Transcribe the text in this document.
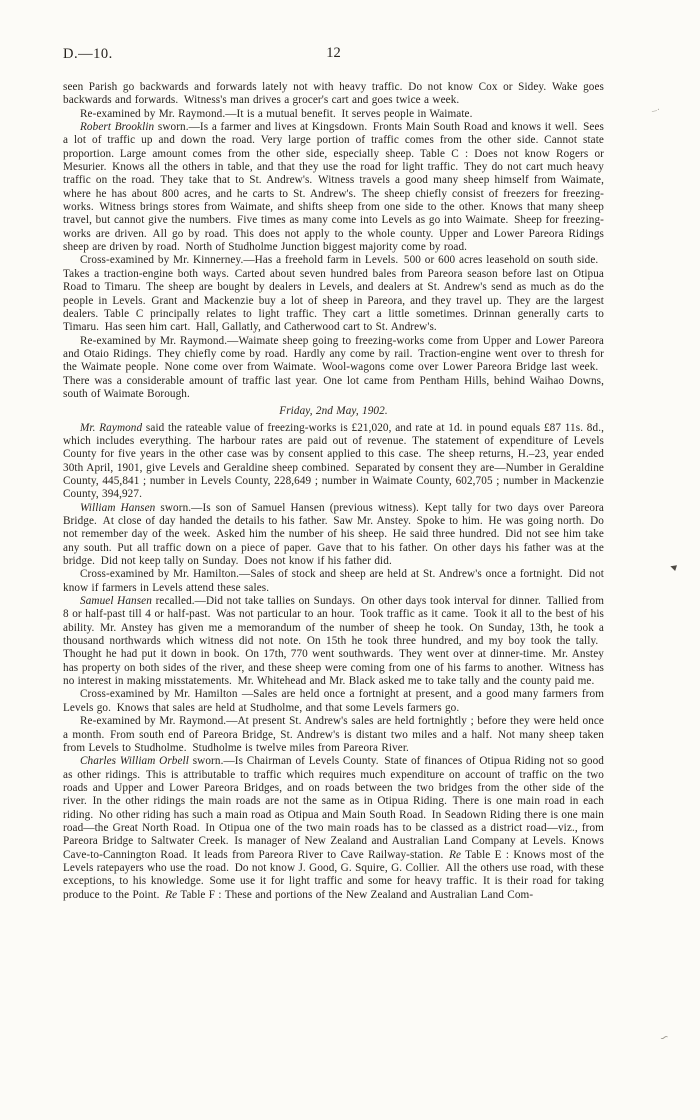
D.—10.	12

seen Parish go backwards and forwards lately not with heavy traffic. Do not know Cox or Sidey. Wake goes backwards and forwards. Witness's man drives a grocer's cart and goes twice a week.

Re-examined by Mr. Raymond.—It is a mutual benefit. It serves people in Waimate.

Robert Brooklin sworn.—Is a farmer and lives at Kingsdown. Fronts Main South Road and knows it well. Sees a lot of traffic up and down the road. Very large portion of traffic comes from the other side. Cannot state proportion. Large amount comes from the other side, especially sheep. Table C : Does not know Rogers or Mesurier. Knows all the others in table, and that they use the road for light traffic. They do not cart much heavy traffic on the road. They take that to St. Andrew's. Witness travels a good many sheep himself from Waimate, where he has about 800 acres, and he carts to St. Andrew's. The sheep chiefly consist of freezers for freezing-works. Witness brings stores from Waimate, and shifts sheep from one side to the other. Knows that many sheep travel, but cannot give the numbers. Five times as many come into Levels as go into Waimate. Sheep for freezing-works are driven. All go by road. This does not apply to the whole county. Upper and Lower Pareora Ridings sheep are driven by road. North of Studholme Junction biggest majority come by road.

Cross-examined by Mr. Kinnerney.—Has a freehold farm in Levels. 500 or 600 acres leasehold on south side. Takes a traction-engine both ways. Carted about seven hundred bales from Pareora season before last on Otipua Road to Timaru. The sheep are bought by dealers in Levels, and dealers at St. Andrew's send as much as do the people in Levels. Grant and Mackenzie buy a lot of sheep in Pareora, and they travel up. They are the largest dealers. Table C principally relates to light traffic. They cart a little sometimes. Drinnan generally carts to Timaru. Has seen him cart. Hall, Gallatly, and Catherwood cart to St. Andrew's.

Re-examined by Mr. Raymond.—Waimate sheep going to freezing-works come from Upper and Lower Pareora and Otaio Ridings. They chiefly come by road. Hardly any come by rail. Traction-engine went over to thresh for the Waimate people. None come over from Waimate. Wool-wagons come over Lower Pareora Bridge last week. There was a considerable amount of traffic last year. One lot came from Pentham Hills, behind Waihao Downs, south of Waimate Borough.

Friday, 2nd May, 1902.

Mr. Raymond said the rateable value of freezing-works is £21,020, and rate at 1d. in pound equals £87 11s. 8d., which includes everything. The harbour rates are paid out of revenue. The statement of expenditure of Levels County for five years in the other case was by consent applied to this case. The sheep returns, H.–23, year ended 30th April, 1901, give Levels and Geraldine sheep combined. Separated by consent they are—Number in Geraldine County, 445,841 ; number in Levels County, 228,649 ; number in Waimate County, 602,705 ; number in Mackenzie County, 394,927.

William Hansen sworn.—Is son of Samuel Hansen (previous witness). Kept tally for two days over Pareora Bridge. At close of day handed the details to his father. Saw Mr. Anstey. Spoke to him. He was going north. Do not remember day of the week. Asked him the number of his sheep. He said three hundred. Did not see him take any south. Put all traffic down on a piece of paper. Gave that to his father. On other days his father was at the bridge. Did not keep tally on Sunday. Does not know if his father did.

Cross-examined by Mr. Hamilton.—Sales of stock and sheep are held at St. Andrew's once a fortnight. Did not know if farmers in Levels attend these sales.

Samuel Hansen recalled.—Did not take tallies on Sundays. On other days took interval for dinner. Tallied from 8 or half-past till 4 or half-past. Was not particular to an hour. Took traffic as it came. Took it all to the best of his ability. Mr. Anstey has given me a memorandum of the number of sheep he took. On Sunday, 13th, he took a thousand northwards which witness did not note. On 15th he took three hundred, and my boy took the tally. Thought he had put it down in book. On 17th, 770 went southwards. They went over at dinner-time. Mr. Anstey has property on both sides of the river, and these sheep were coming from one of his farms to another. Witness has no interest in making misstatements. Mr. Whitehead and Mr. Black asked me to take tally and the county paid me.

Cross-examined by Mr. Hamilton —Sales are held once a fortnight at present, and a good many farmers from Levels go. Knows that sales are held at Studholme, and that some Levels farmers go.

Re-examined by Mr. Raymond.—At present St. Andrew's sales are held fortnightly ; before they were held once a month. From south end of Pareora Bridge, St. Andrew's is distant two miles and a half. Not many sheep taken from Levels to Studholme. Studholme is twelve miles from Pareora River.

Charles William Orbell sworn.—Is Chairman of Levels County. State of finances of Otipua Riding not so good as other ridings. This is attributable to traffic which requires much expenditure on account of traffic on the two roads and Upper and Lower Pareora Bridges, and on roads between the two bridges from the other side of the river. In the other ridings the main roads are not the same as in Otipua Riding. There is one main road in each riding. No other riding has such a main road as Otipua and Main South Road. In Seadown Riding there is one main road—the Great North Road. In Otipua one of the two main roads has to be classed as a district road—viz., from Pareora Bridge to Saltwater Creek. Is manager of New Zealand and Australian Land Company at Levels. Knows Cave-to-Cannington Road. It leads from Pareora River to Cave Railway-station. Re Table E : Knows most of the Levels ratepayers who use the road. Do not know J. Good, G. Squire, G. Collier. All the others use road, with these exceptions, to his knowledge. Some use it for light traffic and some for heavy traffic. It is their road for taking produce to the Point. Re Table F : These and portions of the New Zealand and Australian Land Com-

–·
◄
∽
